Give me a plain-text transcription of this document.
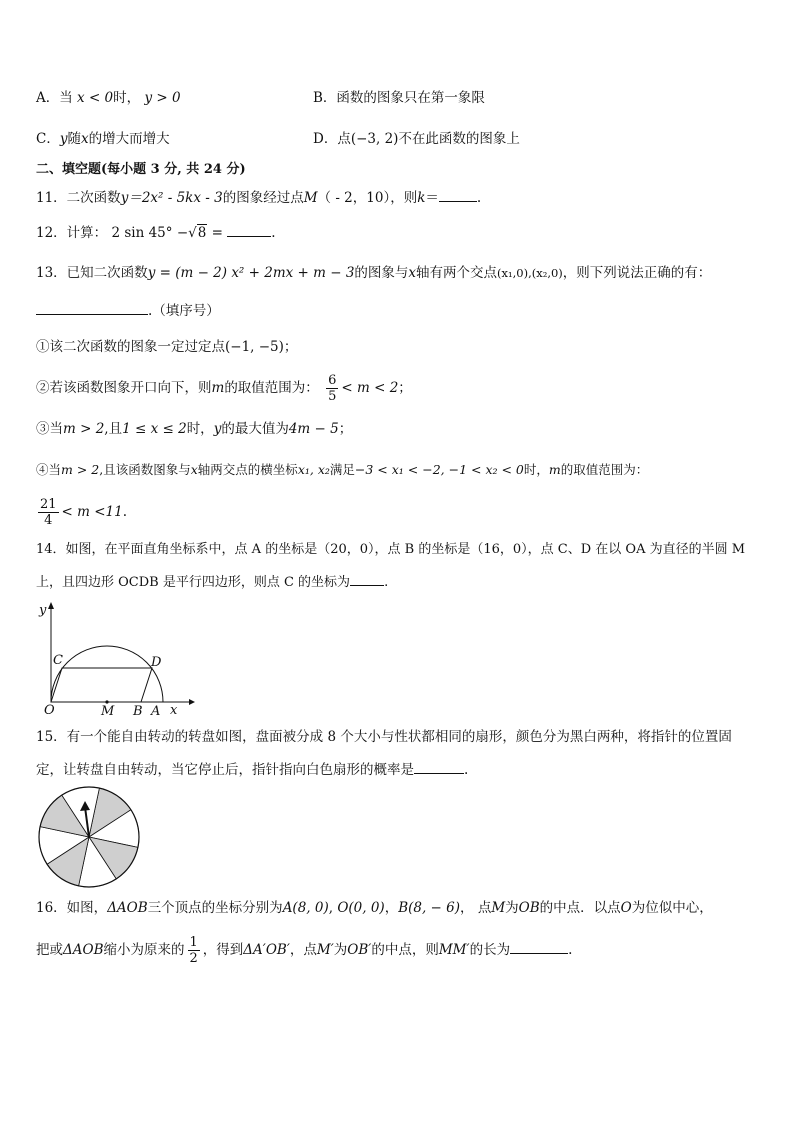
A．当 x < 0时， y > 0	B．函数的图象只在第一象限
C．y随x的增大而增大	D．点(−3, 2)不在此函数的图象上
二、填空题(每小题 3 分, 共 24 分)
11．二次函数y＝2x² - 5kx - 3的图象经过点M（ - 2，10），则k＝	.
12．计算： 2 sin 45° −√8 =	.
13．已知二次函数y = (m − 2) x² + 2mx + m − 3的图象与x轴有两个交点(x₁,0),(x₂,0)，则下列说法正确的有：
.（填序号）
①该二次函数的图象一定过定点(−1, −5)；
②若该函数图象开口向下，则m的取值范围为： $\frac{6}{5} < m < 2$；
③当m > 2,且1 ≤ x ≤ 2时，y的最大值为4m − 5；
④当m > 2,且该函数图象与x轴两交点的横坐标x₁, x₂满足−3 < x₁ < −2, −1 < x₂ < 0时，m的取值范围为：
$\frac{21}{4} < m <11$.
14．如图，在平面直角坐标系中，点 A 的坐标是（20，0），点 B 的坐标是（16，0），点 C、D 在以 OA 为直径的半圆 M
上，且四边形 OCDB 是平行四边形，则点 C 的坐标为	.
y
x
O	M B A
C	D
15．有一个能自由转动的转盘如图，盘面被分成 8 个大小与性状都相同的扇形，颜色分为黑白两种，将指针的位置固
定，让转盘自由转动，当它停止后，指针指向白色扇形的概率是	.
16．如图，ΔAOB三个顶点的坐标分别为A(8, 0), O(0, 0)，B(8, − 6)， 点M为OB的中点．以点O为位似中心，
把或ΔAOB缩小为原来的 $\frac{1}{2}$ ，得到ΔA′OB′，点M′为OB′的中点，则MM′的长为	.
